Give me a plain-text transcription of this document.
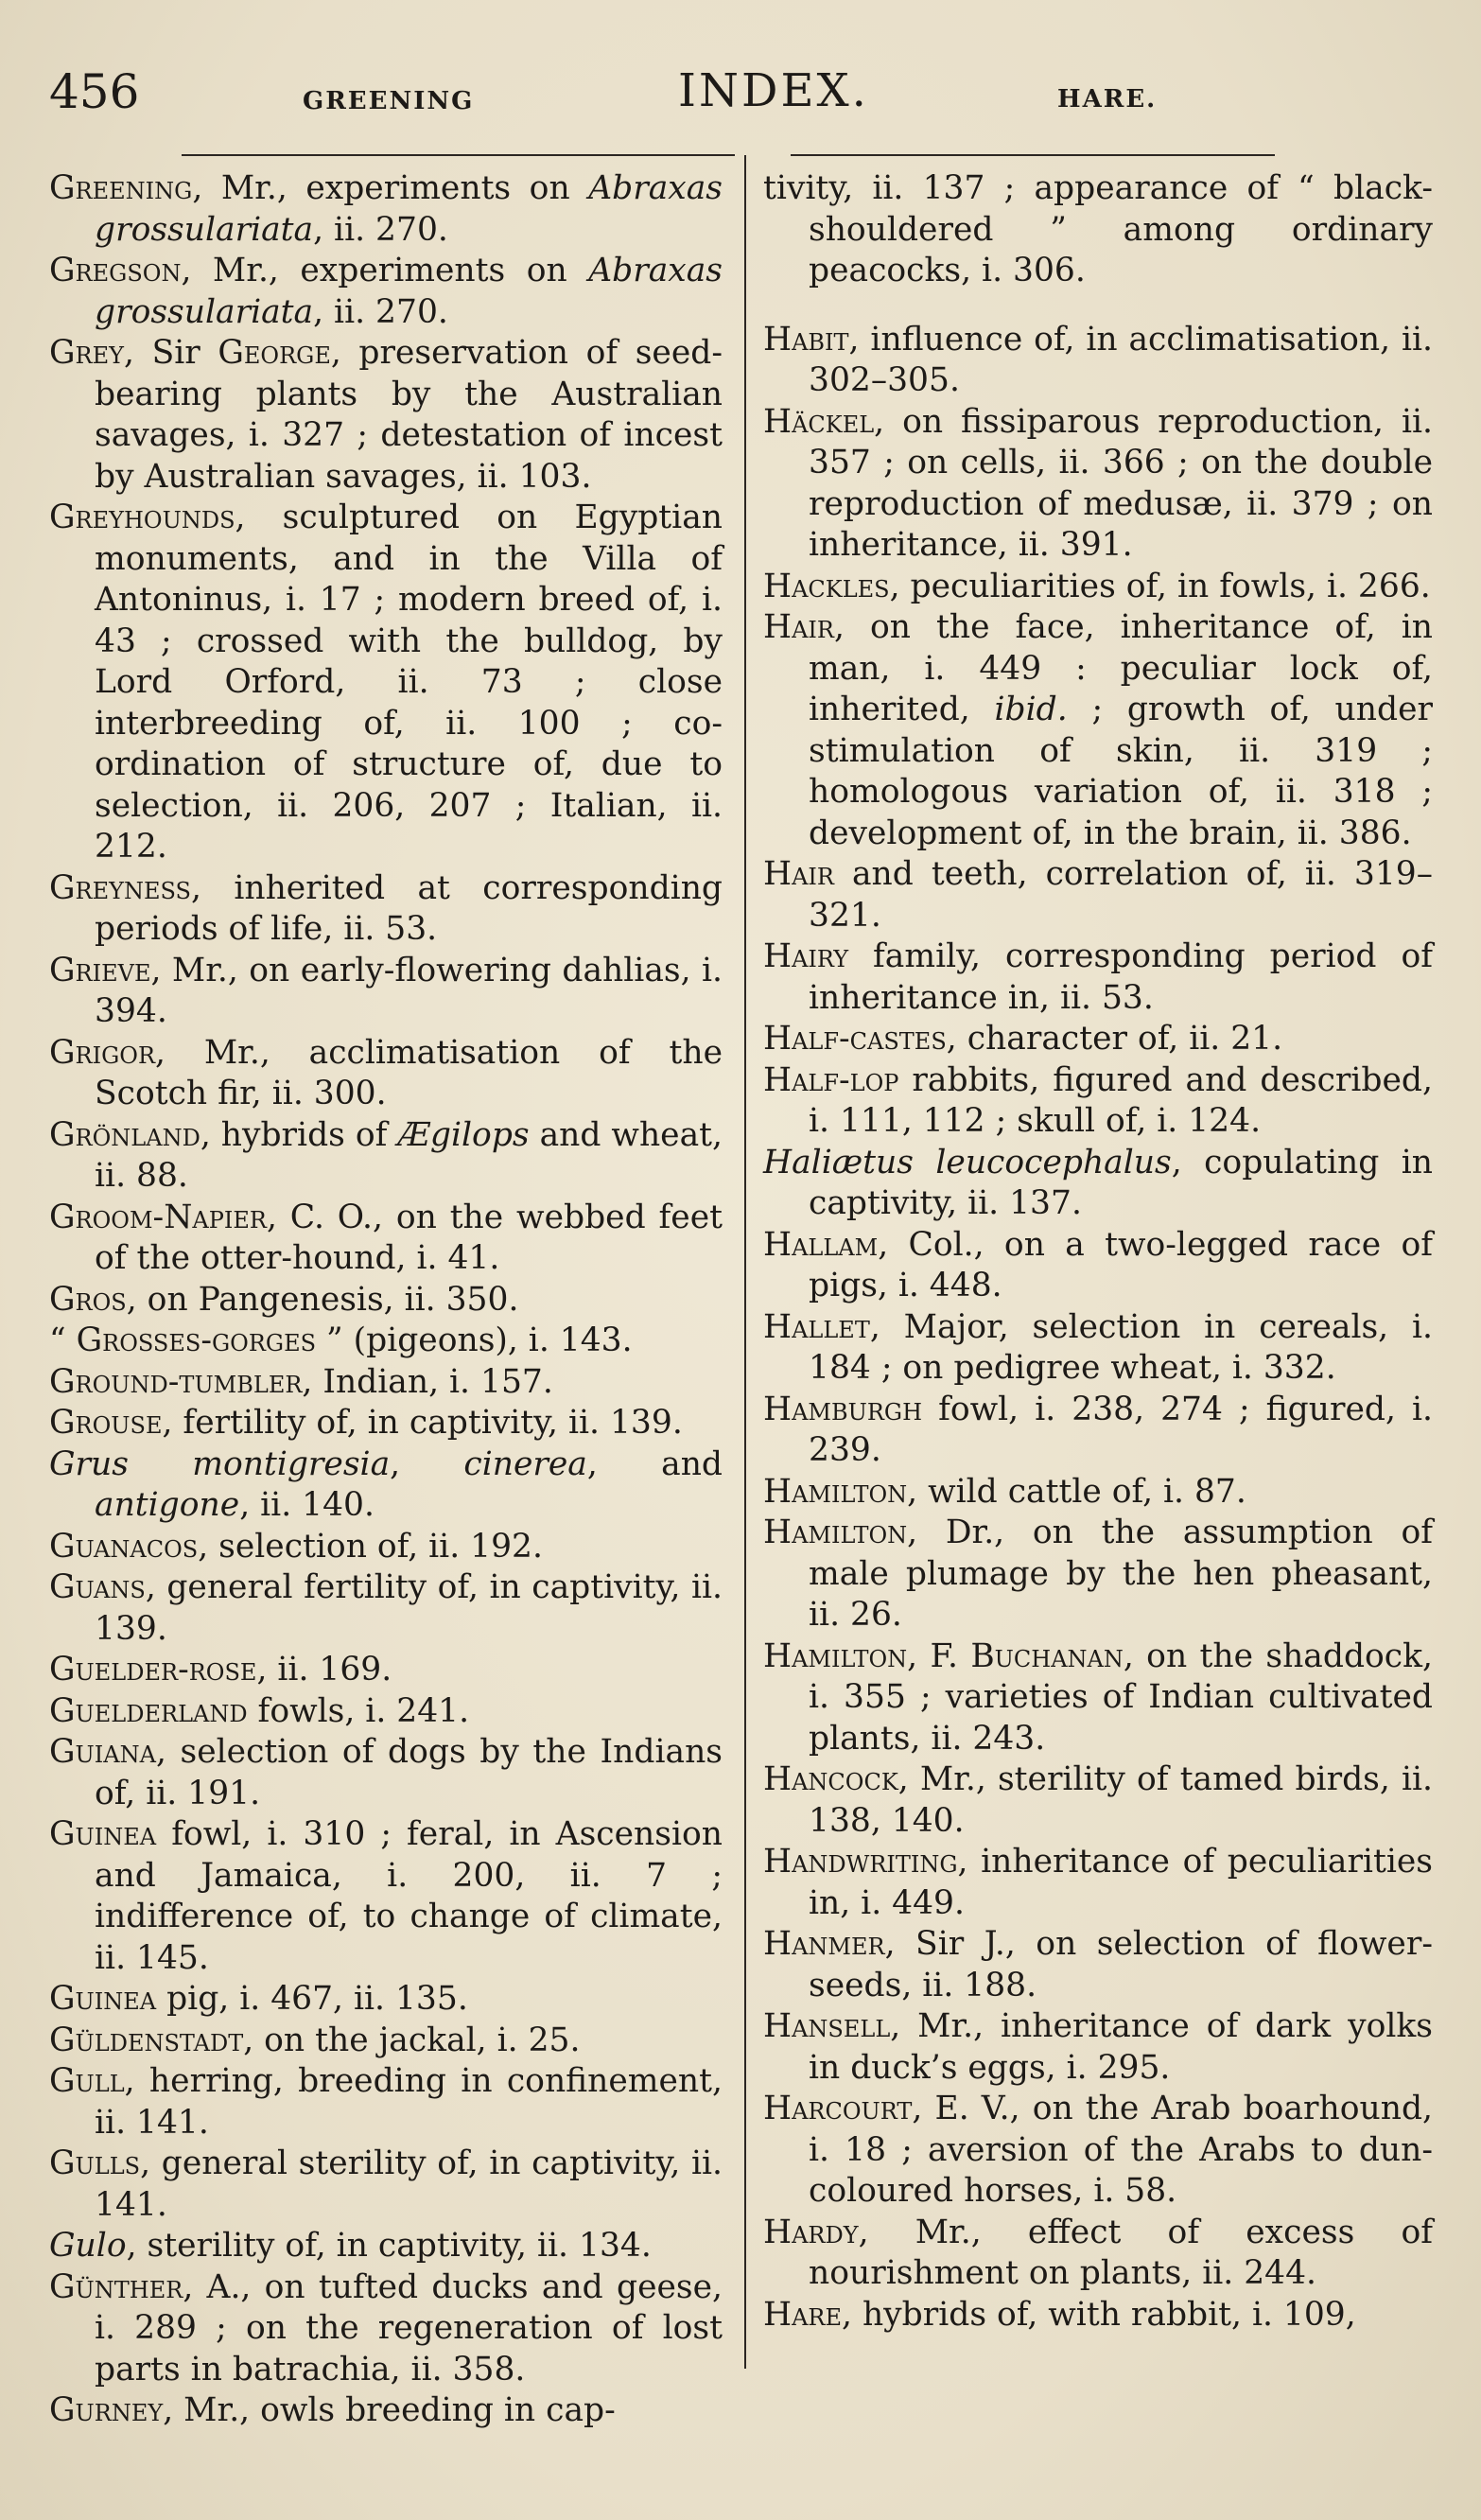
456	GREENING	INDEX.	HARE.
Greening, Mr., experiments on Abraxas grossulariata, ii. 270.
Gregson, Mr., experiments on Abraxas grossulariata, ii. 270.
Grey, Sir George, preservation of seed-bearing plants by the Australian savages, i. 327 ; detestation of incest by Australian savages, ii. 103.
Greyhounds, sculptured on Egyptian monuments, and in the Villa of Antoninus, i. 17 ; modern breed of, i. 43 ; crossed with the bulldog, by Lord Orford, ii. 73 ; close interbreeding of, ii. 100 ; co-ordination of structure of, due to selection, ii. 206, 207 ; Italian, ii. 212.
Greyness, inherited at corresponding periods of life, ii. 53.
Grieve, Mr., on early-flowering dahlias, i. 394.
Grigor, Mr., acclimatisation of the Scotch fir, ii. 300.
Grönland, hybrids of Ægilops and wheat, ii. 88.
Groom-Napier, C. O., on the webbed feet of the otter-hound, i. 41.
Gros, on Pangenesis, ii. 350.
“ Grosses-gorges ” (pigeons), i. 143.
Ground-tumbler, Indian, i. 157.
Grouse, fertility of, in captivity, ii. 139.
Grus montigresia, cinerea, and antigone, ii. 140.
Guanacos, selection of, ii. 192.
Guans, general fertility of, in captivity, ii. 139.
Guelder-rose, ii. 169.
Guelderland fowls, i. 241.
Guiana, selection of dogs by the Indians of, ii. 191.
Guinea fowl, i. 310 ; feral, in Ascension and Jamaica, i. 200, ii. 7 ; indifference of, to change of climate, ii. 145.
Guinea pig, i. 467, ii. 135.
Güldenstadt, on the jackal, i. 25.
Gull, herring, breeding in confinement, ii. 141.
Gulls, general sterility of, in captivity, ii. 141.
Gulo, sterility of, in captivity, ii. 134.
Günther, A., on tufted ducks and geese, i. 289 ; on the regeneration of lost parts in batrachia, ii. 358.
Gurney, Mr., owls breeding in cap-
tivity, ii. 137 ; appearance of “ black-shouldered ” among ordinary peacocks, i. 306.
Habit, influence of, in acclimatisation, ii. 302–305.
Häckel, on fissiparous reproduction, ii. 357 ; on cells, ii. 366 ; on the double reproduction of medusæ, ii. 379 ; on inheritance, ii. 391.
Hackles, peculiarities of, in fowls, i. 266.
Hair, on the face, inheritance of, in man, i. 449 : peculiar lock of, inherited, ibid. ; growth of, under stimulation of skin, ii. 319 ; homologous variation of, ii. 318 ; development of, in the brain, ii. 386.
Hair and teeth, correlation of, ii. 319–321.
Hairy family, corresponding period of inheritance in, ii. 53.
Half-castes, character of, ii. 21.
Half-lop rabbits, figured and described, i. 111, 112 ; skull of, i. 124.
Haliætus leucocephalus, copulating in captivity, ii. 137.
Hallam, Col., on a two-legged race of pigs, i. 448.
Hallet, Major, selection in cereals, i. 184 ; on pedigree wheat, i. 332.
Hamburgh fowl, i. 238, 274 ; figured, i. 239.
Hamilton, wild cattle of, i. 87.
Hamilton, Dr., on the assumption of male plumage by the hen pheasant, ii. 26.
Hamilton, F. Buchanan, on the shaddock, i. 355 ; varieties of Indian cultivated plants, ii. 243.
Hancock, Mr., sterility of tamed birds, ii. 138, 140.
Handwriting, inheritance of peculiarities in, i. 449.
Hanmer, Sir J., on selection of flower-seeds, ii. 188.
Hansell, Mr., inheritance of dark yolks in duck’s eggs, i. 295.
Harcourt, E. V., on the Arab boarhound, i. 18 ; aversion of the Arabs to dun-coloured horses, i. 58.
Hardy, Mr., effect of excess of nourishment on plants, ii. 244.
Hare, hybrids of, with rabbit, i. 109,
